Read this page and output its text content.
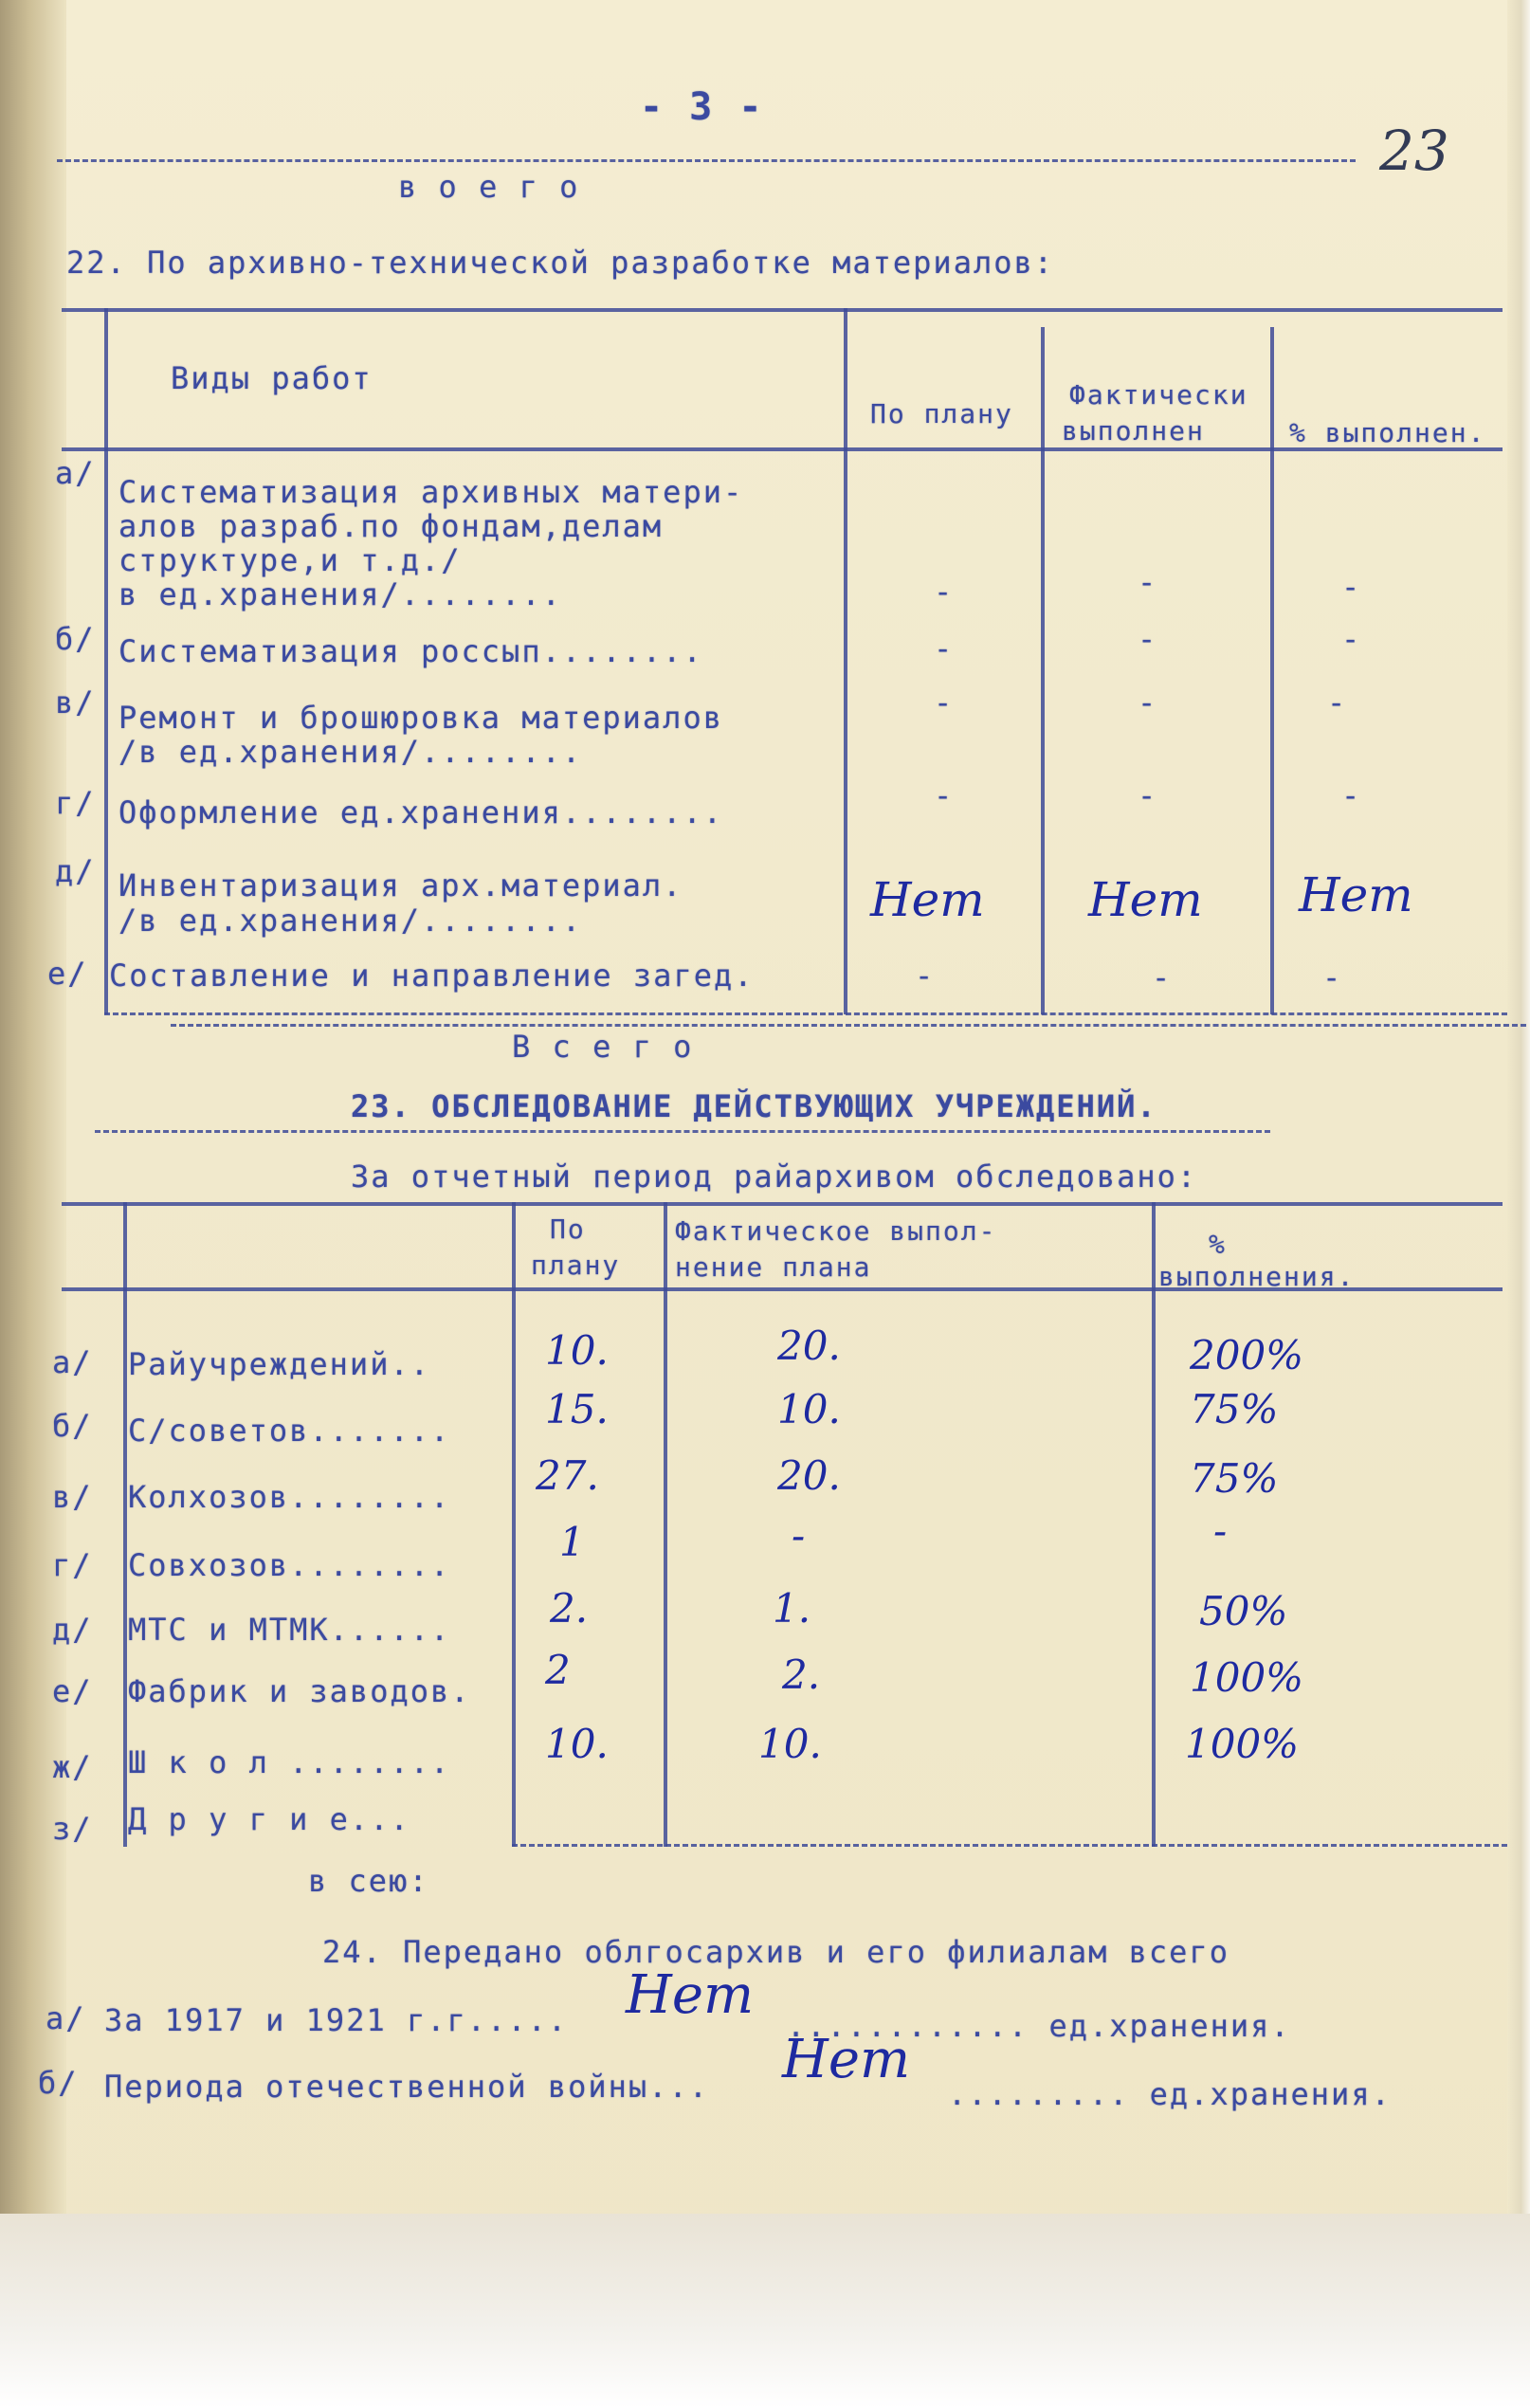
- 3 -
23
в о е г о
22. По архивно-технической разработке материалов:
Виды работ
По плану
Фактически
выполнен	% выполнен.
а/
Систематизация архивных матери-
алов разраб.по фондам,делам
структуре,и т.д./
в ед.хранения/........	-	-	-
б/ Систематизация россып........	-	-	-
в/ Ремонт и брошюровка материалов
/в ед.хранения/........
-	-	-
г/ Оформление ед.хранения........	-	-	-
д/ Инвентаризация арх.материал.
/в ед.хранения/........	Нет Нет Нет
е/ Составление и направление загед.	-	-	-
В с е г о
23. ОБСЛЕДОВАНИЕ ДЕЙСТВУЮЩИХ УЧРЕЖДЕНИЙ.
За отчетный период райархивом обследовано:
По
плану
Фактическое выпол-
нение плана
%
выполнения.
а/ Райучреждений..	10.	20.	200%
б/ С/советов....... 15.	10.	75%
в/ Колхозов........ 27.	20.	75%
г/ Совхозов........	1	-	-
д/ МТС и МТМК...... 2.	1.	50%
е/ Фабрик и заводов. 2	2.	100%
ж/ Ш к о л ........ 10.	10.	100%
з/ Д р у г и е...
в сею:
24. Передано облгосархив и его филиалам всего
а/ За 1917 и 1921 г.г..... Нет ............ ед.хранения.
б/ Периода отечественной войны... Нет
......... ед.хранения.
